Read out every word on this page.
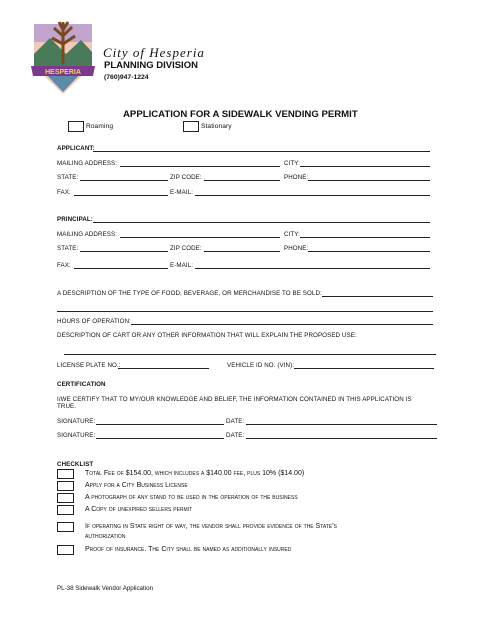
HESPERIA
City of Hesperia
PLANNING DIVISION
(760)947-1224
APPLICATION FOR A SIDEWALK VENDING PERMIT
Roaming	Stationary
APPLICANT:
MAILING ADDRESS:	CITY:
STATE:	ZIP CODE:	PHONE:
FAX:	E-MAIL:
PRINCIPAL:
MAILING ADDRESS:	CITY:
STATE:	ZIP CODE:	PHONE:
FAX:	E-MAIL:
A DESCRIPTION OF THE TYPE OF FOOD, BEVERAGE, OR MERCHANDISE TO BE SOLD:
HOURS OF OPERATION:
DESCRIPTION OF CART OR ANY OTHER INFORMATION THAT WILL EXPLAIN THE PROPOSED USE:
LICENSE PLATE NO.:	VEHICLE ID NO. (VIN):
CERTIFICATION
I/WE CERTIFY THAT TO MY/OUR KNOWLEDGE AND BELIEF, THE INFORMATION CONTAINED IN THIS APPLICATION IS
TRUE.
SIGNATURE:	DATE:
SIGNATURE:	DATE:
CHECKLIST
Total Fee of $154.00, which includes a $140.00 fee, plus 10% ($14.00)
Apply for a City Business License
A photograph of any stand to be used in the operation of the business
A Copy of unexpired sellers permit
If operating in State right of way, the vendor shall provide evidence of the State's
authorization
Proof of insurance. The City shall be named as additionally insured
PL-38 Sidewalk Vendor Application
